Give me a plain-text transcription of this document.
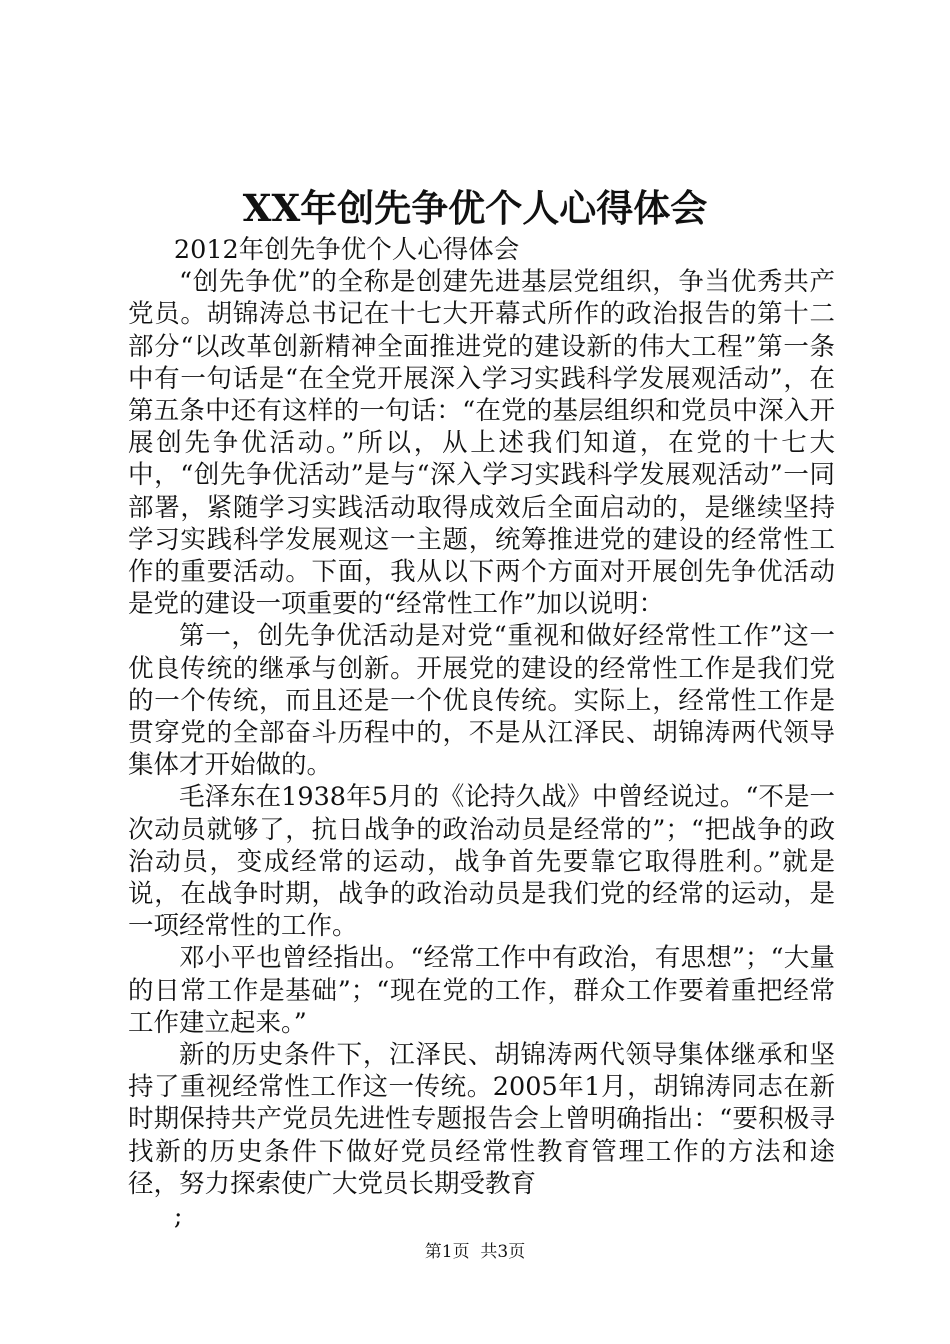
XX年创先争优个人心得体会

2012年创先争优个人心得体会

“创先争优”的全称是创建先进基层党组织，争当优秀共产党员。胡锦涛总书记在十七大开幕式所作的政治报告的第十二部分“以改革创新精神全面推进党的建设新的伟大工程”第一条中有一句话是“在全党开展深入学习实践科学发展观活动”，在第五条中还有这样的一句话：“在党的基层组织和党员中深入开展创先争优活动。”所以，从上述我们知道，在党的十七大中，“创先争优活动”是与“深入学习实践科学发展观活动”一同部署，紧随学习实践活动取得成效后全面启动的，是继续坚持学习实践科学发展观这一主题，统筹推进党的建设的经常性工作的重要活动。下面，我从以下两个方面对开展创先争优活动是党的建设一项重要的“经常性工作”加以说明：

第一，创先争优活动是对党“重视和做好经常性工作”这一优良传统的继承与创新。开展党的建设的经常性工作是我们党的一个传统，而且还是一个优良传统。实际上，经常性工作是贯穿党的全部奋斗历程中的，不是从江泽民、胡锦涛两代领导集体才开始做的。

毛泽东在1938年5月的《论持久战》中曾经说过。“不是一次动员就够了，抗日战争的政治动员是经常的”；“把战争的政治动员，变成经常的运动，战争首先要靠它取得胜利。”就是说，在战争时期，战争的政治动员是我们党的经常的运动，是一项经常性的工作。

邓小平也曾经指出。“经常工作中有政治，有思想”；“大量的日常工作是基础”；“现在党的工作，群众工作要着重把经常工作建立起来。”

新的历史条件下，江泽民、胡锦涛两代领导集体继承和坚持了重视经常性工作这一传统。2005年1月，胡锦涛同志在新时期保持共产党员先进性专题报告会上曾明确指出：“要积极寻找新的历史条件下做好党员经常性教育管理工作的方法和途径，努力探索使广大党员长期受教育

;

第1页  共3页
